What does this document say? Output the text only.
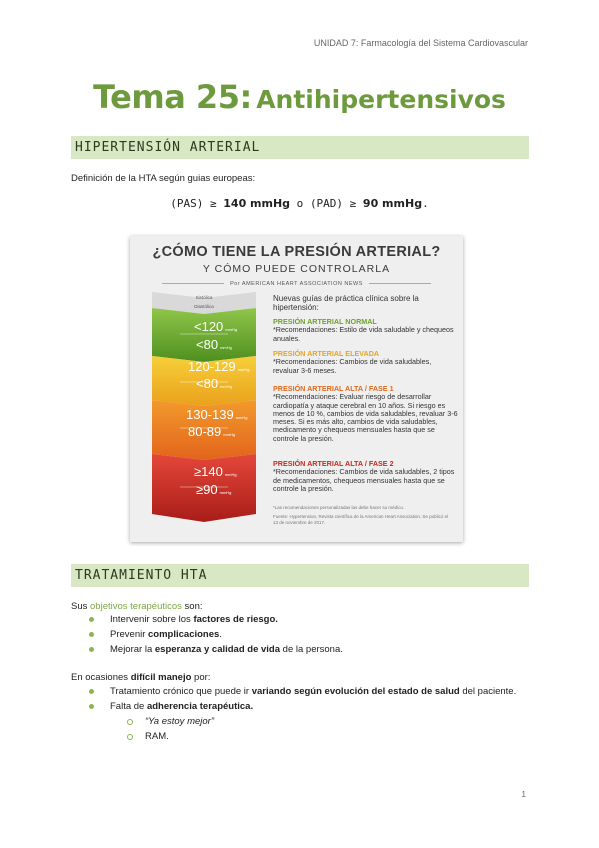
UNIDAD 7: Farmacología del Sistema Cardiovascular
Tema 25: Antihipertensivos
HIPERTENSIÓN ARTERIAL
Definición de la HTA según guias europeas:
(PAS) ≥ 140 mmHg o (PAD) ≥ 90 mmHg.
¿CÓMO TIENE LA PRESIÓN ARTERIAL?
Y CÓMO PUEDE CONTROLARLA
Por AMERICAN HEART ASSOCIATION NEWS
Sistólica
Diastólica
<120 mmHg
<80 mmHg
120-129 mmHg
<80 mmHg
130-139 mmHg
80-89 mmHg
≥140 mmHg
≥90 mmHg
Nuevas guías de práctica clínica sobre la hipertensión:
PRESIÓN ARTERIAL NORMAL
*Recomendaciones: Estilo de vida saludable y chequeos anuales.
PRESIÓN ARTERIAL ELEVADA
*Recomendaciones: Cambios de vida saludables, revaluar 3-6 meses.
PRESIÓN ARTERIAL ALTA / FASE 1
*Recomendaciones: Evaluar riesgo de desarrollar cardiopatía y ataque cerebral en 10 años. Si riesgo es menos de 10 %, cambios de vida saludables, revaluar 3-6 meses. Si es más alto, cambios de vida saludables, medicamento y chequeos mensuales hasta que se controle la presión.
PRESIÓN ARTERIAL ALTA / FASE 2
*Recomendaciones: Cambios de vida saludables, 2 tipos de medicamentos, chequeos mensuales hasta que se controle la presión.
*Las recomendaciones personalizadas las debe hacer su médico.
Fuente: Hypertension, Revista científica de la American Heart Association. Se publicó el 13 de noviembre de 2017.
TRATAMIENTO HTA
Sus objetivos terapéuticos son:
Intervenir sobre los factores de riesgo.
Prevenir complicaciones.
Mejorar la esperanza y calidad de vida de la persona.
En ocasiones difícil manejo por:
Tratamiento crónico que puede ir variando según evolución del estado de salud del paciente.
Falta de adherencia terapéutica.
“Ya estoy mejor”
RAM.
1
